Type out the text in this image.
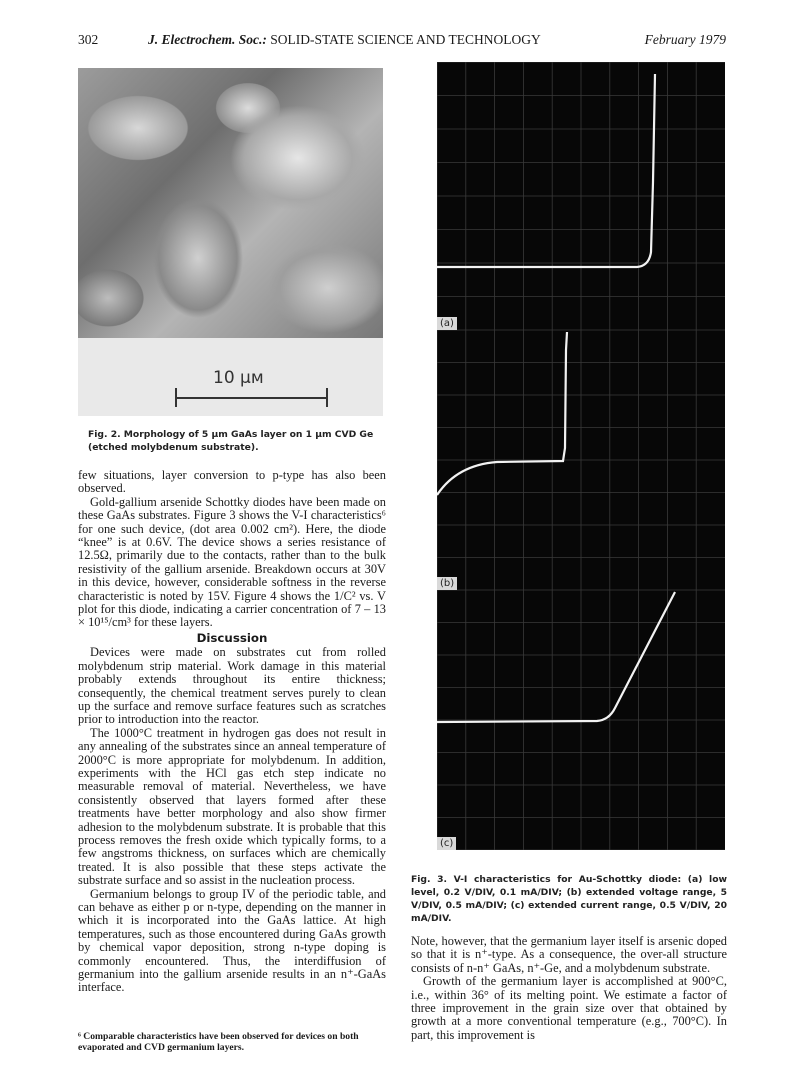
302	J. Electrochem. Soc.: SOLID-STATE SCIENCE AND TECHNOLOGY	February 1979
10 μм
Fig. 2. Morphology of 5 μm GaAs layer on 1 μm CVD Ge (etched molybdenum substrate).

few situations, layer conversion to p-type has also been observed.

Gold-gallium arsenide Schottky diodes have been made on these GaAs substrates. Figure 3 shows the V-I characteristics⁶ for one such device, (dot area 0.002 cm²). Here, the diode “knee” is at 0.6V. The device shows a series resistance of 12.5Ω, primarily due to the contacts, rather than to the bulk resistivity of the gallium arsenide. Breakdown occurs at 30V in this device, however, considerable softness in the reverse characteristic is noted by 15V. Figure 4 shows the 1/C² vs. V plot for this diode, indicating a carrier concentration of 7 – 13 × 10¹⁵/cm³ for these layers.

Discussion

Devices were made on substrates cut from rolled molybdenum strip material. Work damage in this material probably extends throughout its entire thickness; consequently, the chemical treatment serves purely to clean up the surface and remove surface features such as scratches prior to introduction into the reactor.

The 1000°C treatment in hydrogen gas does not result in any annealing of the substrates since an anneal temperature of 2000°C is more appropriate for molybdenum. In addition, experiments with the HCl gas etch step indicate no measurable removal of material. Nevertheless, we have consistently observed that layers formed after these treatments have better morphology and also show firmer adhesion to the molybdenum substrate. It is probable that this process removes the fresh oxide which typically forms, to a few angstroms thickness, on surfaces which are chemically treated. It is also possible that these steps activate the substrate surface and so assist in the nucleation process.

Germanium belongs to group IV of the periodic table, and can behave as either p or n-type, depending on the manner in which it is incorporated into the GaAs lattice. At high temperatures, such as those encountered during GaAs growth by chemical vapor deposition, strong n-type doping is commonly encountered. Thus, the interdiffusion of germanium into the gallium arsenide results in an n⁺-GaAs interface.

⁶ Comparable characteristics have been observed for devices on both evaporated and CVD germanium layers.
(a)
(b)
(c)
Fig. 3. V-I characteristics for Au-Schottky diode: (a) low level, 0.2 V/DIV, 0.1 mA/DIV; (b) extended voltage range, 5 V/DIV, 0.5 mA/DIV; (c) extended current range, 0.5 V/DIV, 20 mA/DIV.

Note, however, that the germanium layer itself is arsenic doped so that it is n⁺-type. As a consequence, the over-all structure consists of n-n⁺ GaAs, n⁺-Ge, and a molybdenum substrate.

Growth of the germanium layer is accomplished at 900°C, i.e., within 36° of its melting point. We estimate a factor of three improvement in the grain size over that obtained by growth at a more conventional temperature (e.g., 700°C). In part, this improvement is
